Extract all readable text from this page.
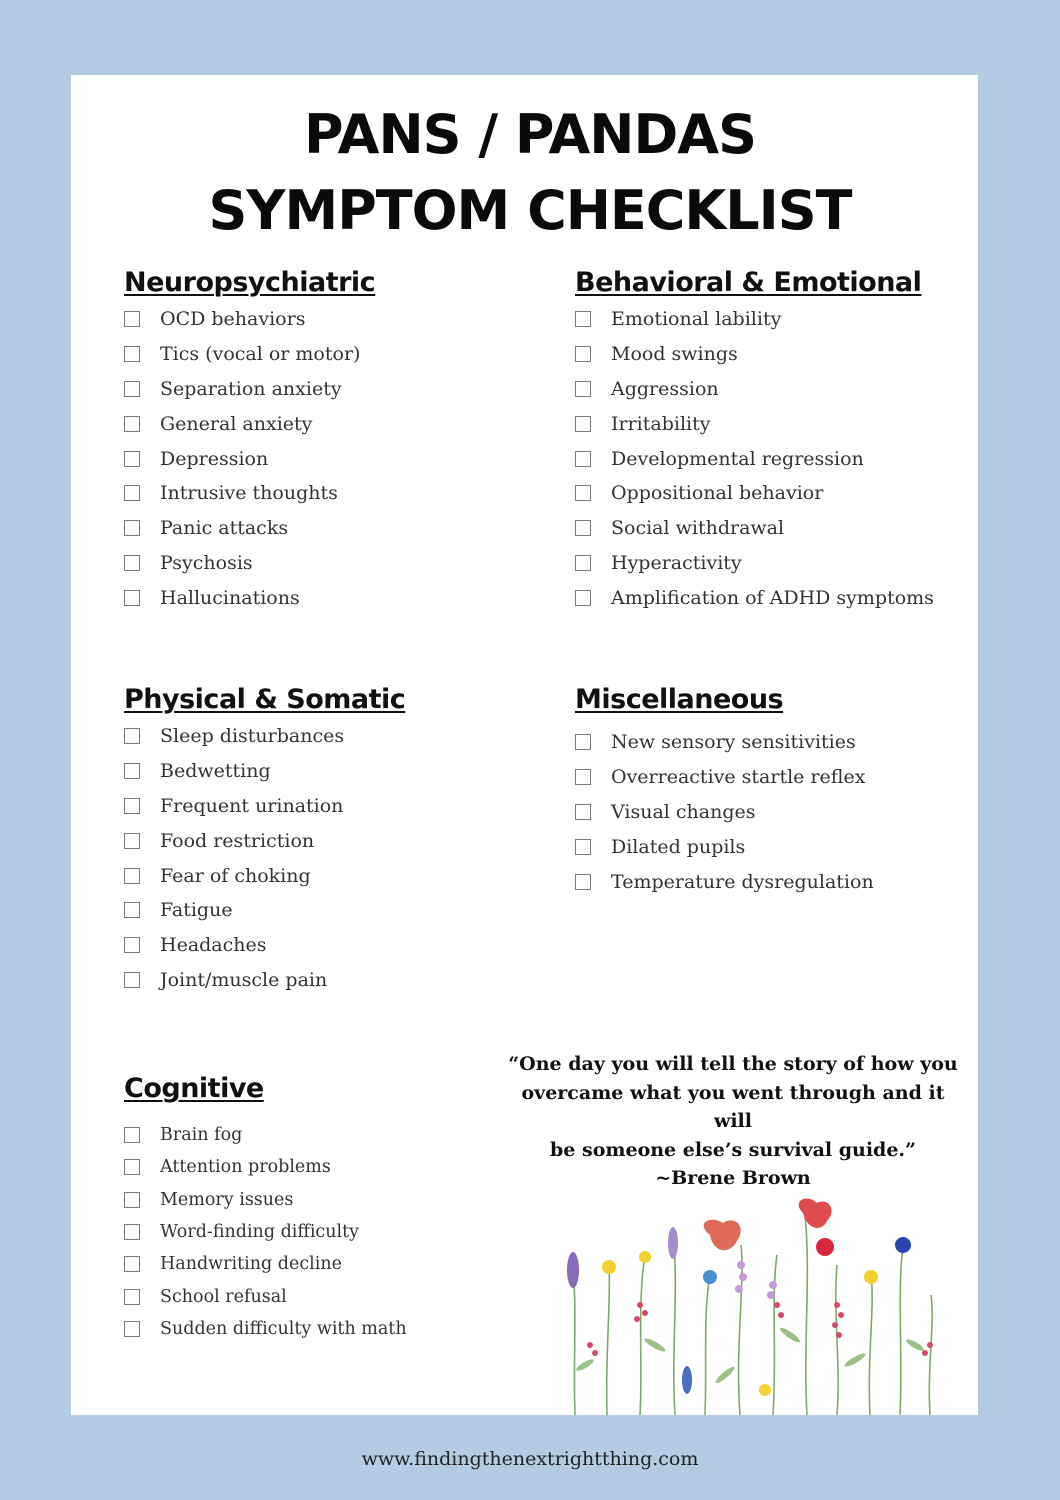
PANS / PANDAS
SYMPTOM CHECKLIST
Neuropsychiatric
OCD behaviors
Tics (vocal or motor)
Separation anxiety
General anxiety
Depression
Intrusive thoughts
Panic attacks
Psychosis
Hallucinations
Behavioral & Emotional
Emotional lability
Mood swings
Aggression
Irritability
Developmental regression
Oppositional behavior
Social withdrawal
Hyperactivity
Amplification of ADHD symptoms
Physical & Somatic
Sleep disturbances
Bedwetting
Frequent urination
Food restriction
Fear of choking
Fatigue
Headaches
Joint/muscle pain
Miscellaneous
New sensory sensitivities
Overreactive startle reflex
Visual changes
Dilated pupils
Temperature dysregulation
Cognitive
Brain fog
Attention problems
Memory issues
Word-finding difficulty
Handwriting decline
School refusal
Sudden difficulty with math
“One day you will tell the story of how you
overcame what you went through and it will
be someone else’s survival guide.”
~Brene Brown
www.findingthenextrightthing.com
